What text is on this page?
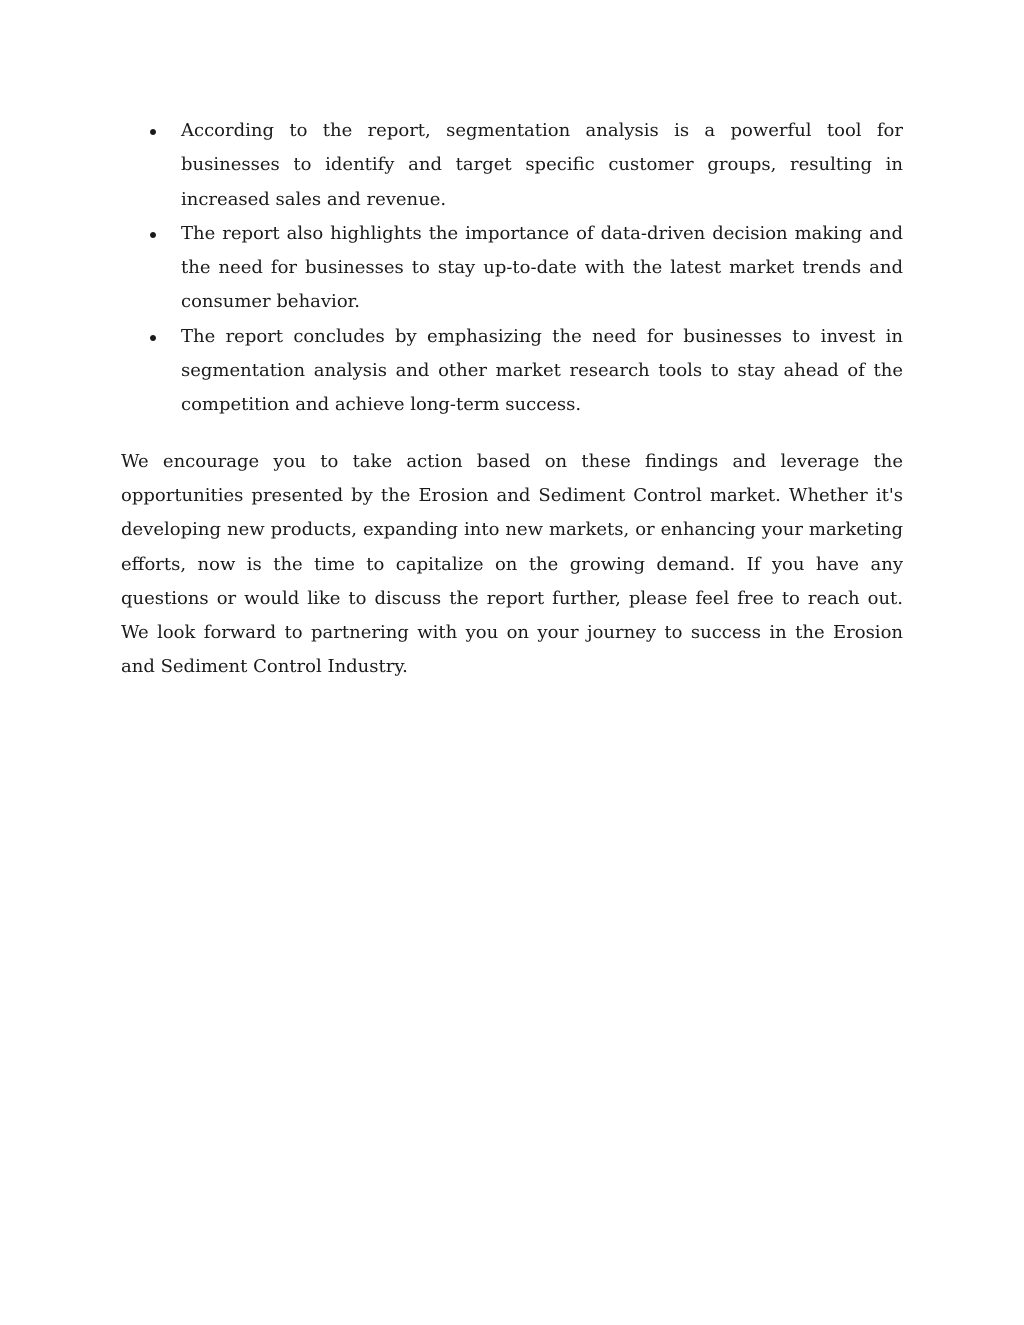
According to the report, segmentation analysis is a powerful tool for businesses to identify and target specific customer groups, resulting in increased sales and revenue.
The report also highlights the importance of data-driven decision making and the need for businesses to stay up-to-date with the latest market trends and consumer behavior.
The report concludes by emphasizing the need for businesses to invest in segmentation analysis and other market research tools to stay ahead of the competition and achieve long-term success.

We encourage you to take action based on these findings and leverage the opportunities presented by the Erosion and Sediment Control market. Whether it's developing new products, expanding into new markets, or enhancing your marketing efforts, now is the time to capitalize on the growing demand. If you have any questions or would like to discuss the report further, please feel free to reach out. We look forward to partnering with you on your journey to success in the Erosion and Sediment Control Industry.
